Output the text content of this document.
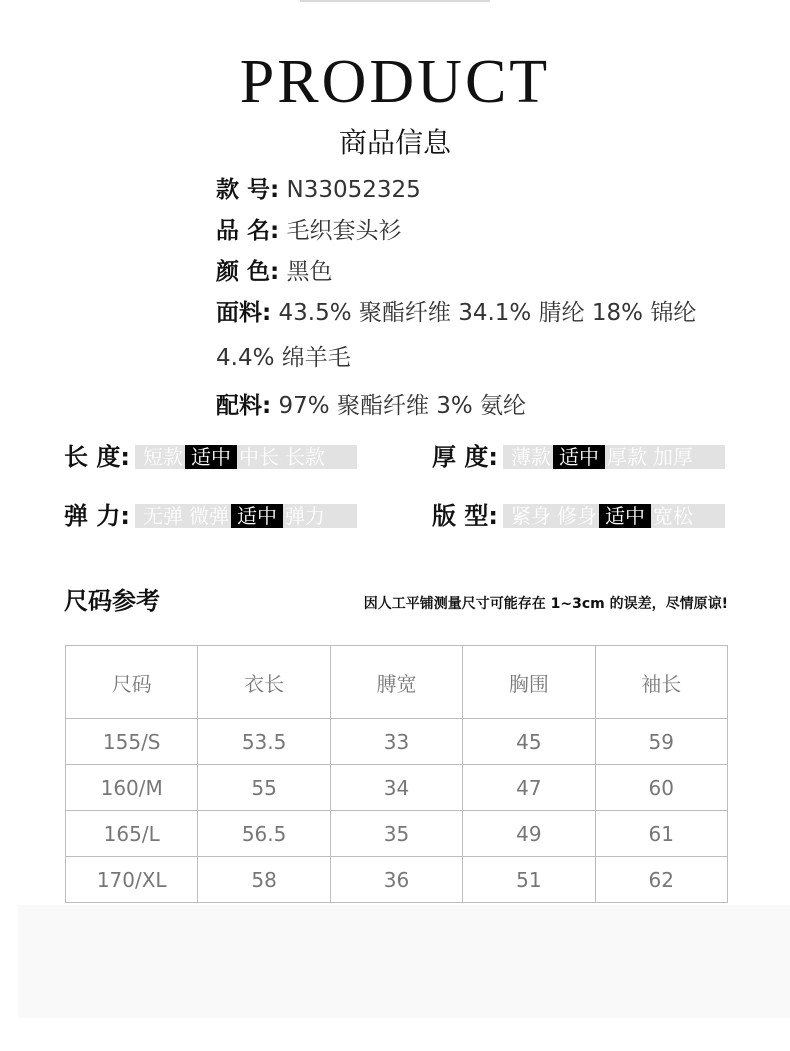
PRODUCT
商品信息
款 号: N33052325
品 名: 毛织套头衫
颜 色: 黑色
面料: 43.5% 聚酯纤维 34.1% 腈纶 18% 锦纶
4.4% 绵羊毛
配料: 97% 聚酯纤维 3% 氨纶
长 度: 短款 适中 中长 长款	厚 度: 薄款 适中 厚款 加厚
弹 力: 无弹 微弹 适中 弹力	版 型: 紧身 修身 适中 宽松
尺码参考	因人工平铺测量尺寸可能存在 1~3cm 的误差，尽情原谅!
尺码	衣长	膊宽	胸围	袖长
155/S	53.5	33	45	59
160/M	55	34	47	60
165/L	56.5	35	49	61
170/XL	58	36	51	62
